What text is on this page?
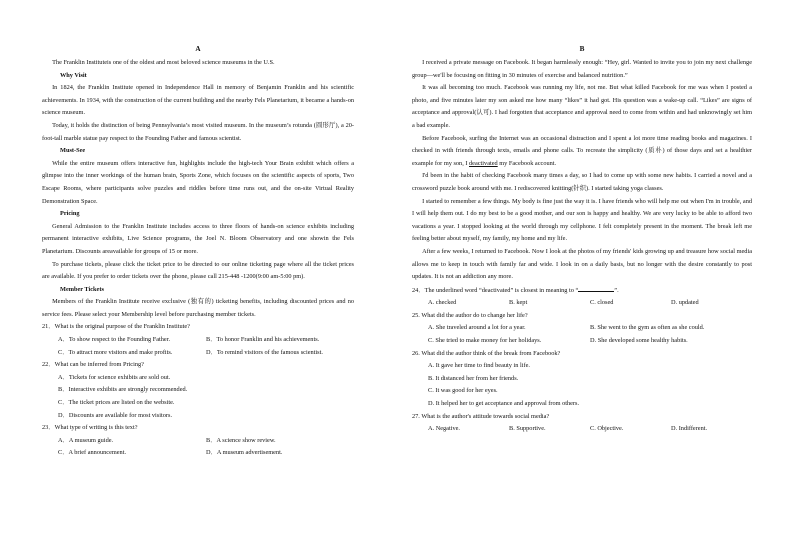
A

The Franklin Instituteis one of the oldest and most beloved science museums in the U.S.

Why Visit

In 1824, the Franklin Institute opened in Independence Hall in memory of Benjamin Franklin and his scientific achievements. In 1934, with the construction of the current building and the nearby Fels Planetarium, it became a hands-on science museum.

Today, it holds the distinction of being Pennsylvania’s most visited museum. In the museum’s rotunda (圆形厅), a 20-foot-tall marble statue pay respect to the Founding Father and famous scientist.

Must-See

While the entire museum offers interactive fun, highlights include the high-tech Your Brain exhibit which offers a glimpse into the inner workings of the human brain, Sports Zone, which focuses on the scientific aspects of sports, Two Escape Rooms, where participants solve puzzles and riddles before time runs out, and the on-site Virtual Reality Demonstration Space.

Pricing

General Admission to the Franklin Institute includes access to three floors of hands-on science exhibits including permanent interactive exhibits, Live Science programs, the Joel N. Bloom Observatory and one showin the Fels Planetarium. Discounts areavailable for groups of 15 or more.

To purchase tickets, please click the ticket price to be directed to our online ticketing page where all the ticket prices are available. If you prefer to order tickets over the phone, please call 215-448 -1200(9:00 am-5:00 pm).

Member Tickets

Members of the Franklin Institute receive exclusive (独有的) ticketing benefits, including discounted prices and no service fees. Please select your Membership level before purchasing member tickets.

21．What is the original purpose of the Franklin Institute?
A．To show respect to the Founding Father.	B．To honor Franklin and his achievements.
C．To attract more visitors and make profits.	D．To remind visitors of the famous scientist.
22．What can be inferred from Pricing?
A．Tickets for science exhibits are sold out.
B．Interactive exhibits are strongly recommended.
C．The ticket prices are listed on the website.
D．Discounts are available for most visitors.
23．What type of writing is this text?
A．A museum guide.	B．A science show review.
C．A brief announcement.	D．A museum advertisement.
B

I received a private message on Facebook. It began harmlessly enough: “Hey, girl. Wanted to invite you to join my next challenge group—we'll be focusing on fitting in 30 minutes of exercise and balanced nutrition.”

It was all becoming too much. Facebook was running my life, not me. But what killed Facebook for me was when I posted a photo, and five minutes later my son asked me how many “likes” it had got. His question was a wake-up call. “Likes” are signs of acceptance and approval(认可). I had forgotten that acceptance and approval need to come from within and had unknowingly set him a bad example.

Before Facebook, surfing the Internet was an occasional distraction and I spent a lot more time reading books and magazines. I checked in with friends through texts, emails and phone calls. To recreate the simplicity (质朴) of those days and set a healthier example for my son, I deactivated my Facebook account.

I'd been in the habit of checking Facebook many times a day, so I had to come up with some new habits. I carried a novel and a crossword puzzle book around with me. I rediscovered knitting(针织). I started taking yoga classes.

I started to remember a few things. My body is fine just the way it is. I have friends who will help me out when I'm in trouble, and I will help them out. I do my best to be a good mother, and our son is happy and healthy. We are very lucky to be able to afford two vacations a year. I stopped looking at the world through my cellphone. I felt completely present in the moment. The break left me feeling better about myself, my family, my home and my life.

After a few weeks, I returned to Facebook. Now I look at the photos of my friends' kids growing up and treasure how social media allows me to keep in touch with family far and wide. I look in on a daily basis, but no longer with the desire constantly to post updates. It is not an addiction any more.

24．The underlined word “deactivated” is closest in meaning to “	”.
A. checked	B. kept	C. closed	D. updated
25. What did the author do to change her life?
A. She traveled around a lot for a year.	B. She went to the gym as often as she could.
C. She tried to make money for her holidays.	D. She developed some healthy habits.
26. What did the author think of the break from Facebook?
A. It gave her time to find beauty in life.
B. It distanced her from her friends.
C. It was good for her eyes.
D. It helped her to get acceptance and approval from others.
27. What is the author's attitude towards social media?
A. Negative.	B. Supportive.	C. Objective.	D. Indifferent.
